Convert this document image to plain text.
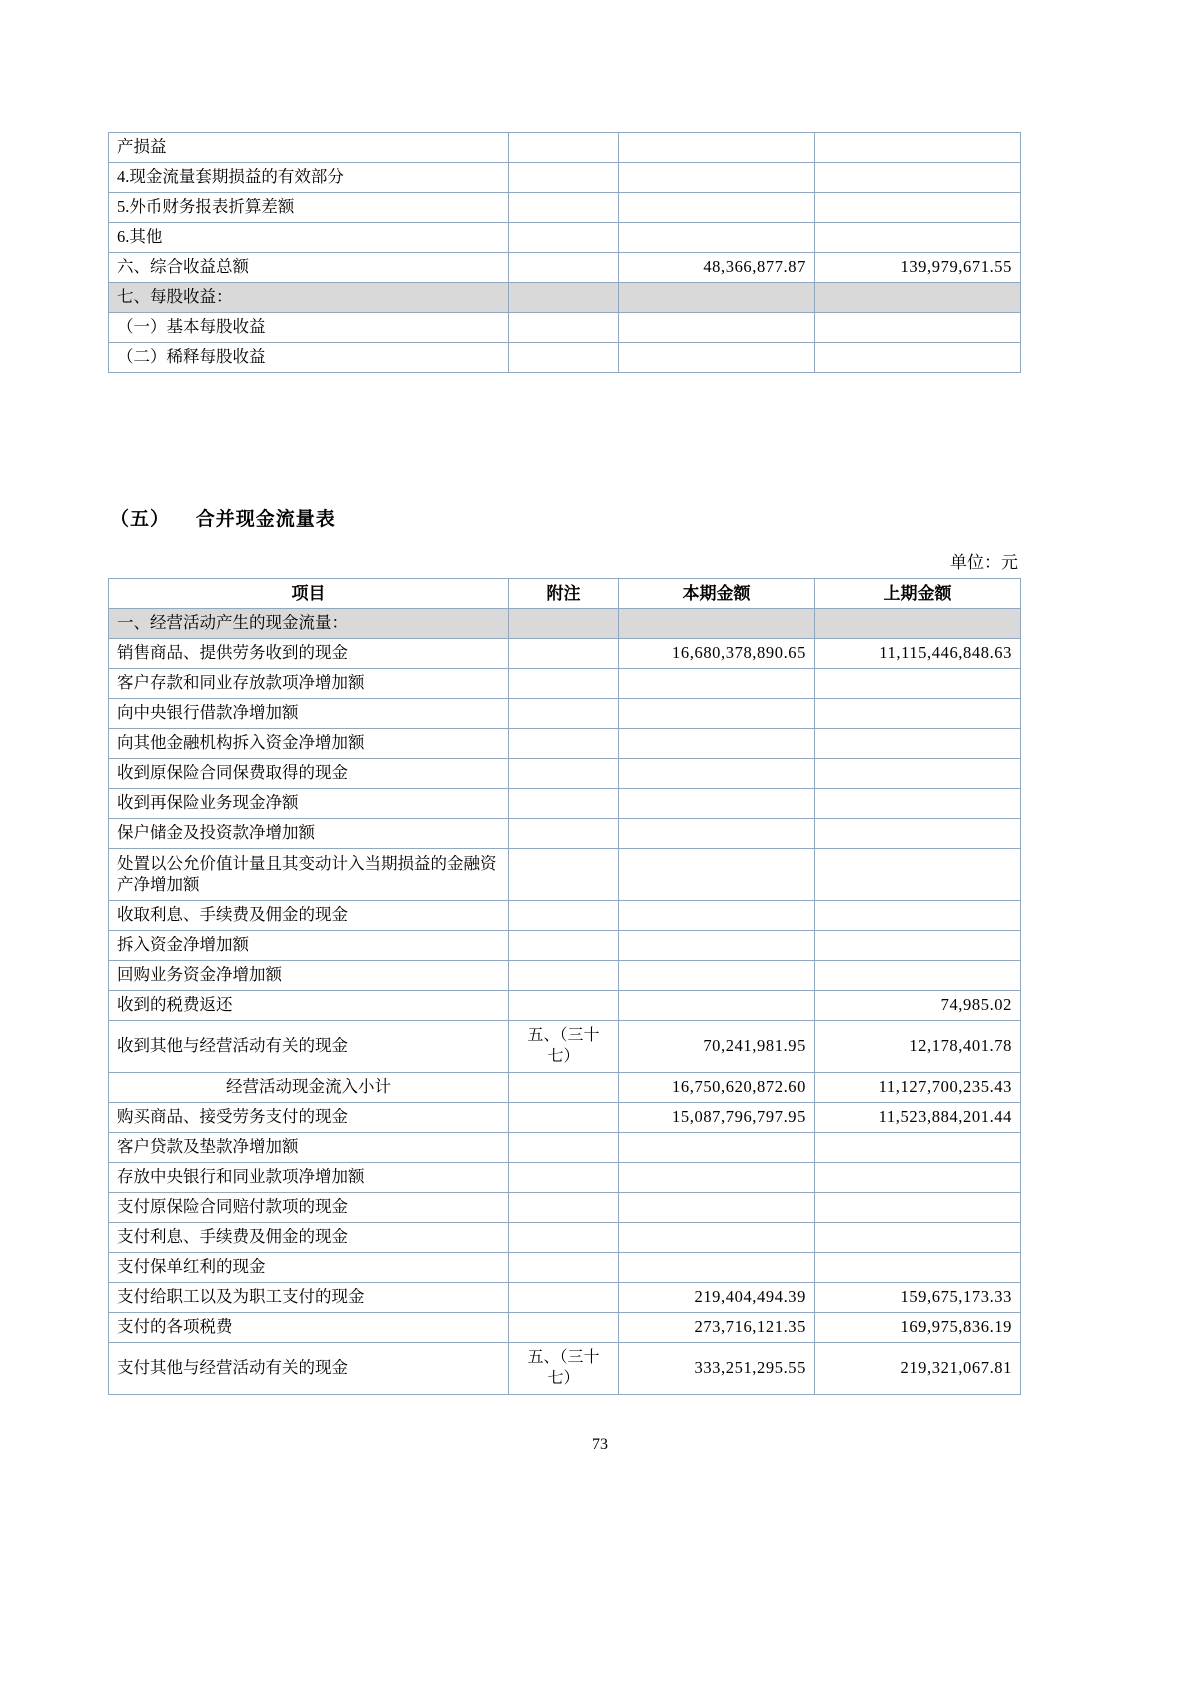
产损益			
4.现金流量套期损益的有效部分			
5.外币财务报表折算差额			
6.其他			
六、综合收益总额		48,366,877.87	139,979,671.55
七、每股收益：			
（一）基本每股收益			
（二）稀释每股收益			
（五） 合并现金流量表
单位：元
项目	附注	本期金额	上期金额
一、经营活动产生的现金流量：			
销售商品、提供劳务收到的现金		16,680,378,890.65	11,115,446,848.63
客户存款和同业存放款项净增加额			
向中央银行借款净增加额			
向其他金融机构拆入资金净增加额			
收到原保险合同保费取得的现金			
收到再保险业务现金净额			
保户储金及投资款净增加额			
处置以公允价值计量且其变动计入当期损益的金融资产净增加额			
收取利息、手续费及佣金的现金			
拆入资金净增加额			
回购业务资金净增加额			
收到的税费返还			74,985.02
收到其他与经营活动有关的现金	五、（三十七）	70,241,981.95	12,178,401.78
经营活动现金流入小计		16,750,620,872.60	11,127,700,235.43
购买商品、接受劳务支付的现金		15,087,796,797.95	11,523,884,201.44
客户贷款及垫款净增加额			
存放中央银行和同业款项净增加额			
支付原保险合同赔付款项的现金			
支付利息、手续费及佣金的现金			
支付保单红利的现金			
支付给职工以及为职工支付的现金		219,404,494.39	159,675,173.33
支付的各项税费		273,716,121.35	169,975,836.19
支付其他与经营活动有关的现金	五、（三十七）	333,251,295.55	219,321,067.81
73
